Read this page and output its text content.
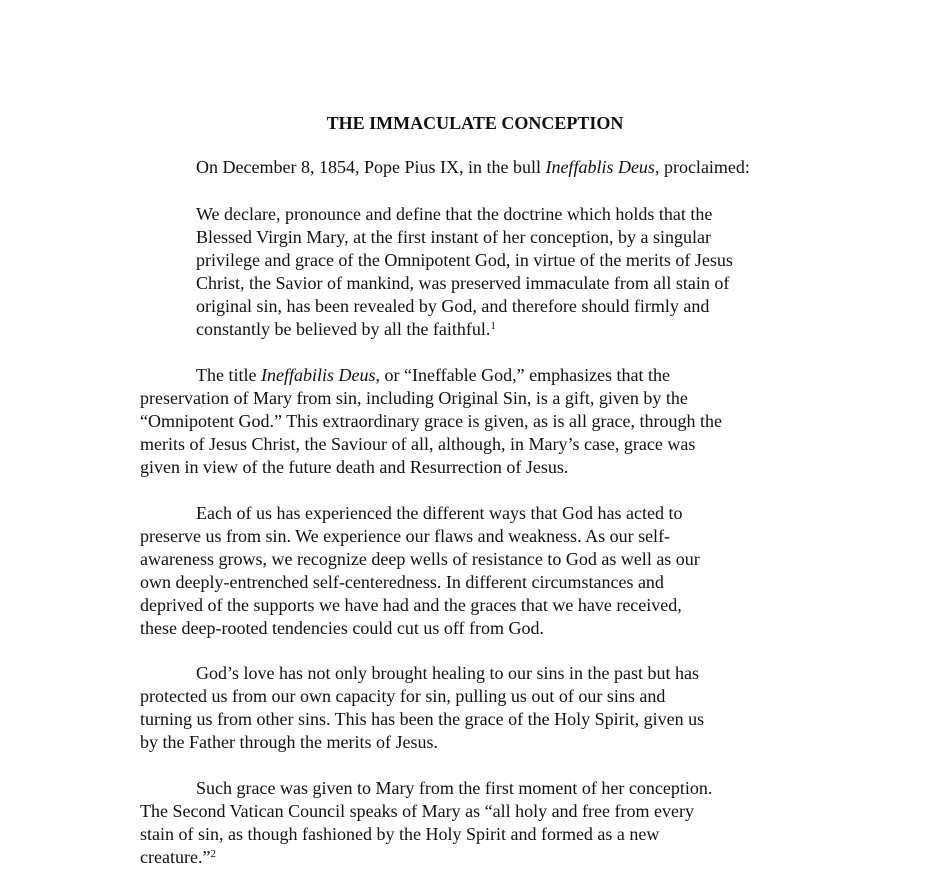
THE IMMACULATE CONCEPTION

On December 8, 1854, Pope Pius IX, in the bull Ineffablis Deus, proclaimed:

We declare, pronounce and define that the doctrine which holds that the
Blessed Virgin Mary, at the first instant of her conception, by a singular
privilege and grace of the Omnipotent God, in virtue of the merits of Jesus
Christ, the Savior of mankind, was preserved immaculate from all stain of
original sin, has been revealed by God, and therefore should firmly and
constantly be believed by all the faithful.$^1$

The title Ineffabilis Deus, or “Ineffable God,” emphasizes that the
preservation of Mary from sin, including Original Sin, is a gift, given by the
“Omnipotent God.” This extraordinary grace is given, as is all grace, through the
merits of Jesus Christ, the Saviour of all, although, in Mary’s case, grace was
given in view of the future death and Resurrection of Jesus.

Each of us has experienced the different ways that God has acted to
preserve us from sin. We experience our flaws and weakness. As our self-
awareness grows, we recognize deep wells of resistance to God as well as our
own deeply-entrenched self-centeredness. In different circumstances and
deprived of the supports we have had and the graces that we have received,
these deep-rooted tendencies could cut us off from God.

God’s love has not only brought healing to our sins in the past but has
protected us from our own capacity for sin, pulling us out of our sins and
turning us from other sins. This has been the grace of the Holy Spirit, given us
by the Father through the merits of Jesus.

Such grace was given to Mary from the first moment of her conception.
The Second Vatican Council speaks of Mary as “all holy and free from every
stain of sin, as though fashioned by the Holy Spirit and formed as a new
creature.”$^2$
